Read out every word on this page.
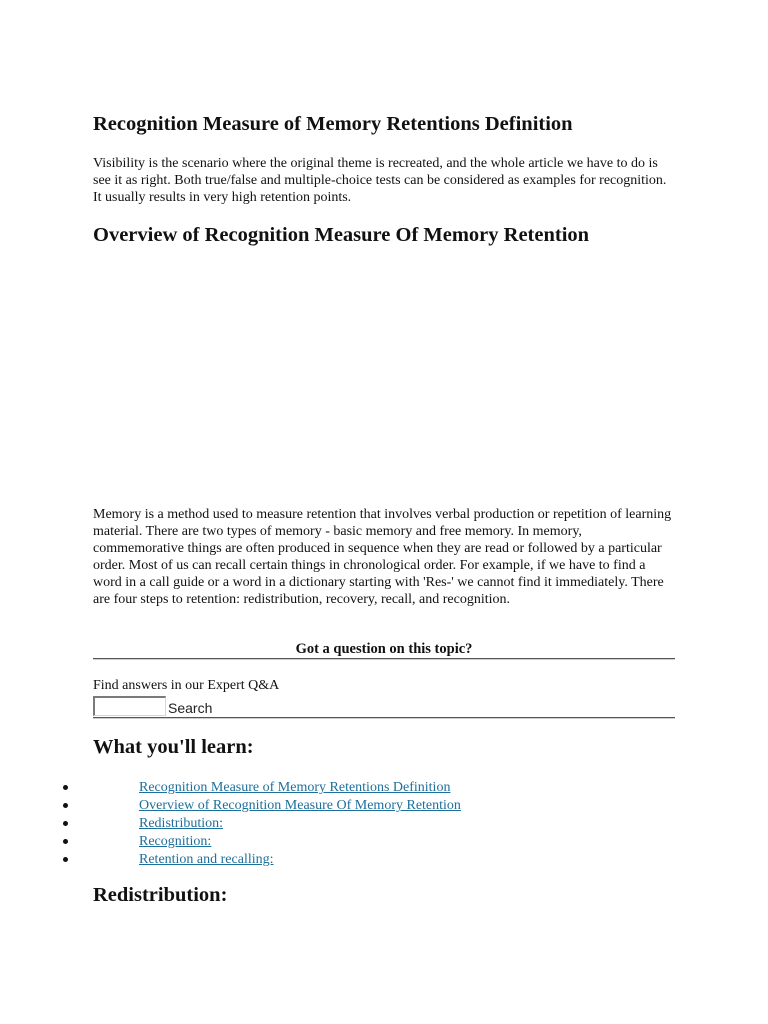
Recognition Measure of Memory Retentions Definition

Visibility is the scenario where the original theme is recreated, and the whole article we have to do is see it as right. Both true/false and multiple-choice tests can be considered as examples for recognition. It usually results in very high retention points.

Overview of Recognition Measure Of Memory Retention

Memory is a method used to measure retention that involves verbal production or repetition of learning material. There are two types of memory - basic memory and free memory. In memory, commemorative things are often produced in sequence when they are read or followed by a particular order. Most of us can recall certain things in chronological order. For example, if we have to find a word in a call guide or a word in a dictionary starting with 'Res-' we cannot find it immediately. There are four steps to retention: redistribution, recovery, recall, and recognition.

Got a question on this topic?

Find answers in our Expert Q&A

Search
What you'll learn:
Recognition Measure of Memory Retentions Definition
Overview of Recognition Measure Of Memory Retention
Redistribution:
Recognition:
Retention and recalling:
Redistribution:
